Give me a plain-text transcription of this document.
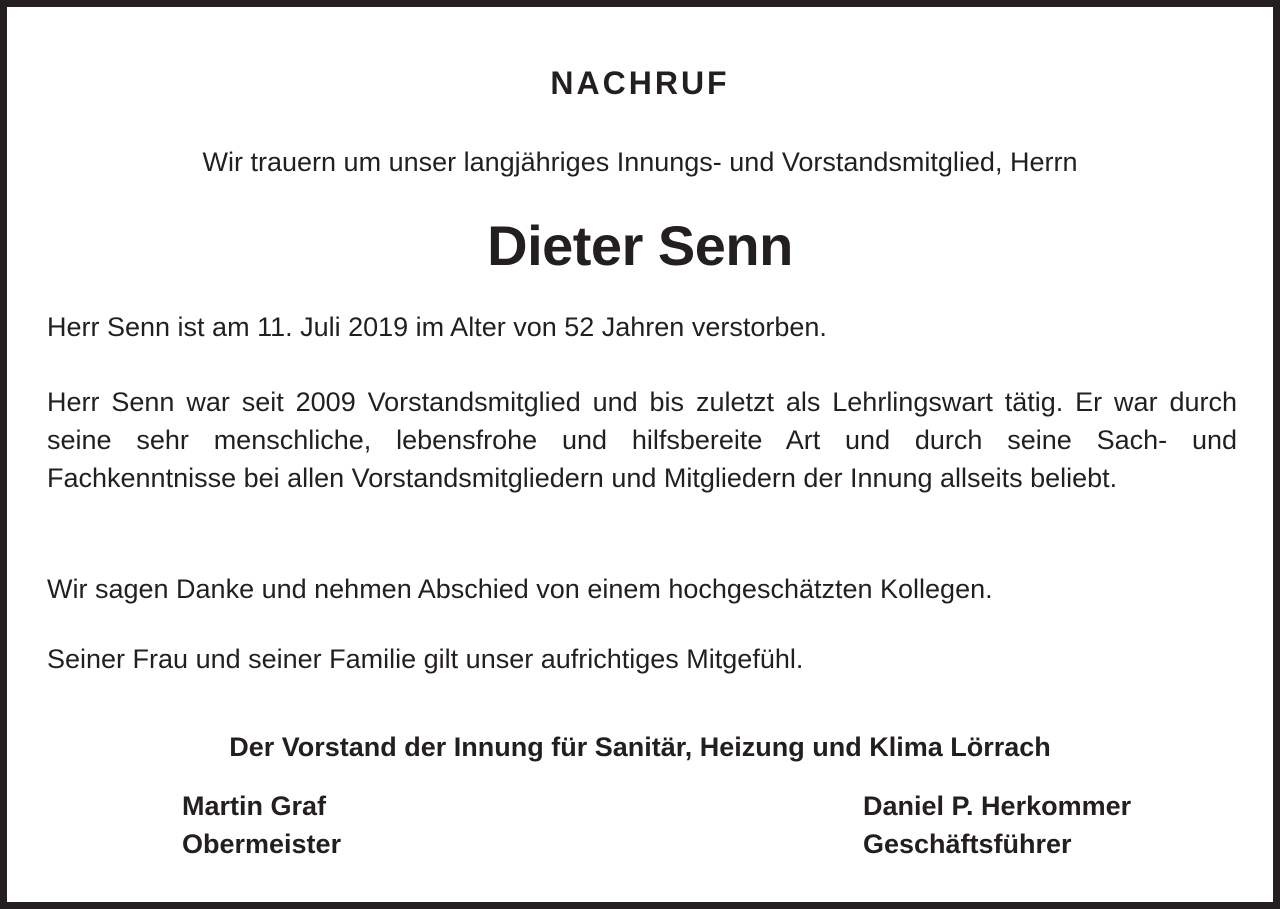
NACHRUF

Wir trauern um unser langjähriges Innungs- und Vorstandsmitglied, Herrn

Dieter Senn

Herr Senn ist am 11. Juli 2019 im Alter von 52 Jahren verstorben.

Herr Senn war seit 2009 Vorstandsmitglied und bis zuletzt als Lehrlingswart tätig. Er war durch seine sehr menschliche, lebensfrohe und hilfsbereite Art und durch seine Sach- und Fachkenntnisse bei allen Vorstandsmitgliedern und Mitgliedern der Innung allseits beliebt.

Wir sagen Danke und nehmen Abschied von einem hochgeschätzten Kollegen.

Seiner Frau und seiner Familie gilt unser aufrichtiges Mitgefühl.

Der Vorstand der Innung für Sanitär, Heizung und Klima Lörrach

Martin Graf
Obermeister
Daniel P. Herkommer
Geschäftsführer
